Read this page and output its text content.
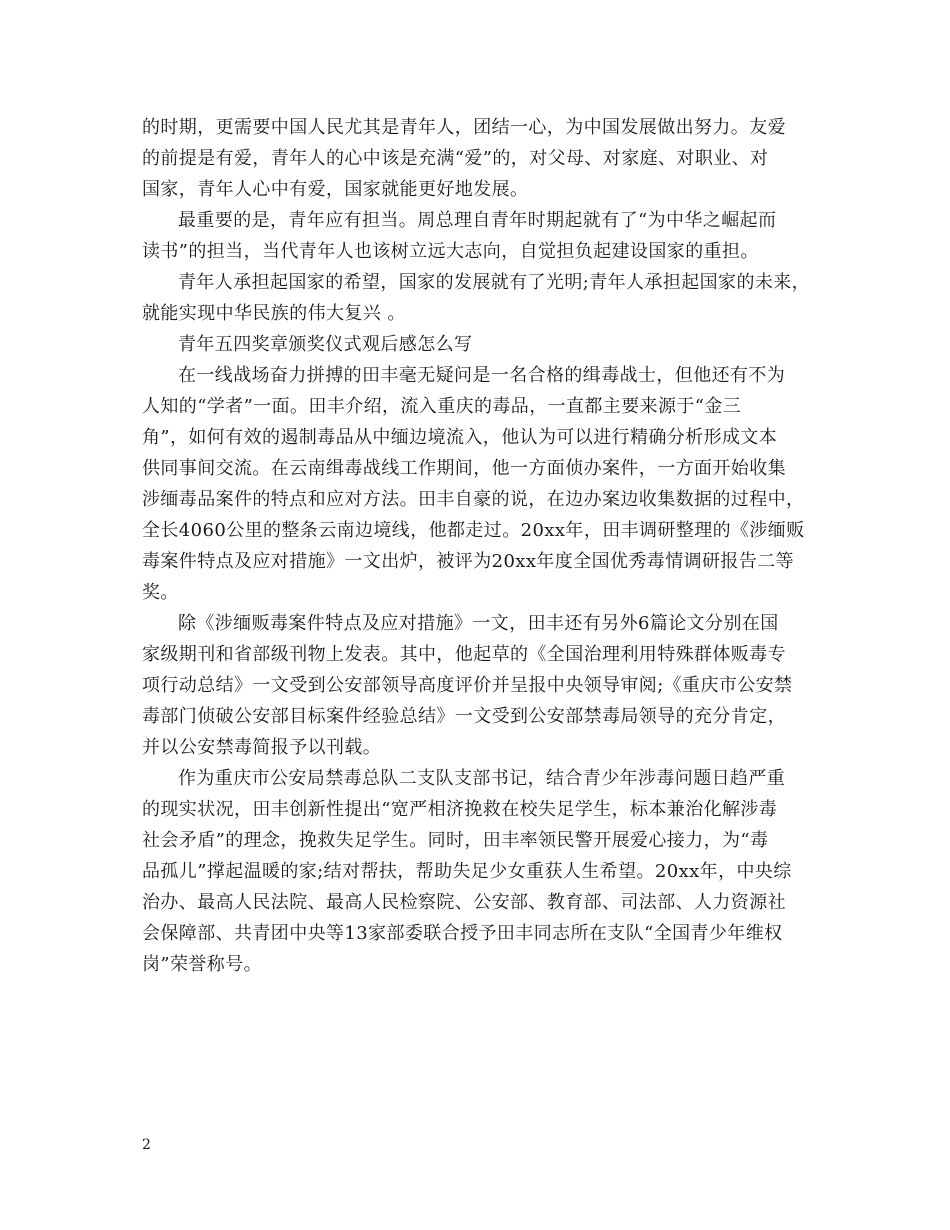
的时期，更需要中国人民尤其是青年人，团结一心，为中国发展做出努力。友爱
的前提是有爱，青年人的心中该是充满“爱”的，对父母、对家庭、对职业、对
国家，青年人心中有爱，国家就能更好地发展。
最重要的是，青年应有担当。周总理自青年时期起就有了“为中华之崛起而
读书”的担当，当代青年人也该树立远大志向，自觉担负起建设国家的重担。
青年人承担起国家的希望，国家的发展就有了光明;青年人承担起国家的未来，
就能实现中华民族的伟大复兴 。
青年五四奖章颁奖仪式观后感怎么写
在一线战场奋力拼搏的田丰毫无疑问是一名合格的缉毒战士，但他还有不为
人知的“学者”一面。田丰介绍，流入重庆的毒品，一直都主要来源于“金三
角”，如何有效的遏制毒品从中缅边境流入，他认为可以进行精确分析形成文本
供同事间交流。在云南缉毒战线工作期间，他一方面侦办案件，一方面开始收集
涉缅毒品案件的特点和应对方法。田丰自豪的说，在边办案边收集数据的过程中，
全长4060公里的整条云南边境线，他都走过。20xx年，田丰调研整理的《涉缅贩
毒案件特点及应对措施》一文出炉，被评为20xx年度全国优秀毒情调研报告二等
奖。
除《涉缅贩毒案件特点及应对措施》一文，田丰还有另外6篇论文分别在国
家级期刊和省部级刊物上发表。其中，他起草的《全国治理利用特殊群体贩毒专
项行动总结》一文受到公安部领导高度评价并呈报中央领导审阅;《重庆市公安禁
毒部门侦破公安部目标案件经验总结》一文受到公安部禁毒局领导的充分肯定，
并以公安禁毒简报予以刊载。
作为重庆市公安局禁毒总队二支队支部书记，结合青少年涉毒问题日趋严重
的现实状况，田丰创新性提出“宽严相济挽救在校失足学生，标本兼治化解涉毒
社会矛盾”的理念，挽救失足学生。同时，田丰率领民警开展爱心接力，为“毒
品孤儿”撑起温暖的家;结对帮扶，帮助失足少女重获人生希望。20xx年，中央综
治办、最高人民法院、最高人民检察院、公安部、教育部、司法部、人力资源社
会保障部、共青团中央等13家部委联合授予田丰同志所在支队“全国青少年维权
岗”荣誉称号。
2
